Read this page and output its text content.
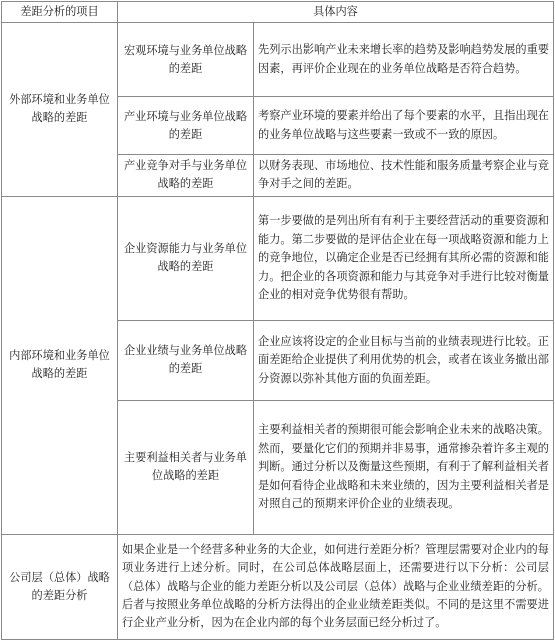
差距分析的项目	具体内容	
外部环境和业务单位战略的差距	宏观环境与业务单位战略的差距	先列示出影响产业未来增长率的趋势及影响趋势发展的重要因素，再评价企业现在的业务单位战略是否符合趋势。
	产业环境与业务单位战略的差距	考察产业环境的要素并给出了每个要素的水平，且指出现在的业务单位战略与这些要素一致或不一致的原因。
	产业竞争对手与业务单位战略的差距	以财务表现、市场地位、技术性能和服务质量考察企业与竞争对手之间的差距。
内部环境和业务单位战略的差距	企业资源能力与业务单位战略的差距	第一步要做的是列出所有有利于主要经营活动的重要资源和能力。第二步要做的是评估企业在每一项战略资源和能力上的竞争地位，以确定企业是否已经拥有其所必需的资源和能力。把企业的各项资源和能力与其竞争对手进行比较对衡量企业的相对竞争优势很有帮助。
	企业业绩与业务单位战略的差距	企业应该将设定的企业目标与当前的业绩表现进行比较。正面差距给企业提供了利用优势的机会，或者在该业务撤出部分资源以弥补其他方面的负面差距。
	主要利益相关者与业务单位战略的差距	主要利益相关者的预期很可能会影响企业未来的战略决策。然而，要量化它们的预期并非易事，通常掺杂着许多主观的判断。通过分析以及衡量这些预期，有利于了解利益相关者是如何看待企业战略和未来业绩的，因为主要利益相关者是对照自己的预期来评价企业的业绩表现。
公司层（总体）战略的差距分析	如果企业是一个经营多种业务的大企业，如何进行差距分析？管理层需要对企业内的每项业务进行上述分析。同时，在公司总体战略层面上，还需要进行以下分析：公司层（总体）战略与企业的能力差距分析以及公司层（总体）战略与企业业绩差距的分析。后者与按照业务单位战略的分析方法得出的企业业绩差距类似。不同的是这里不需要进行企业产业分析，因为在企业内部的每个业务层面已经分析过了。	
